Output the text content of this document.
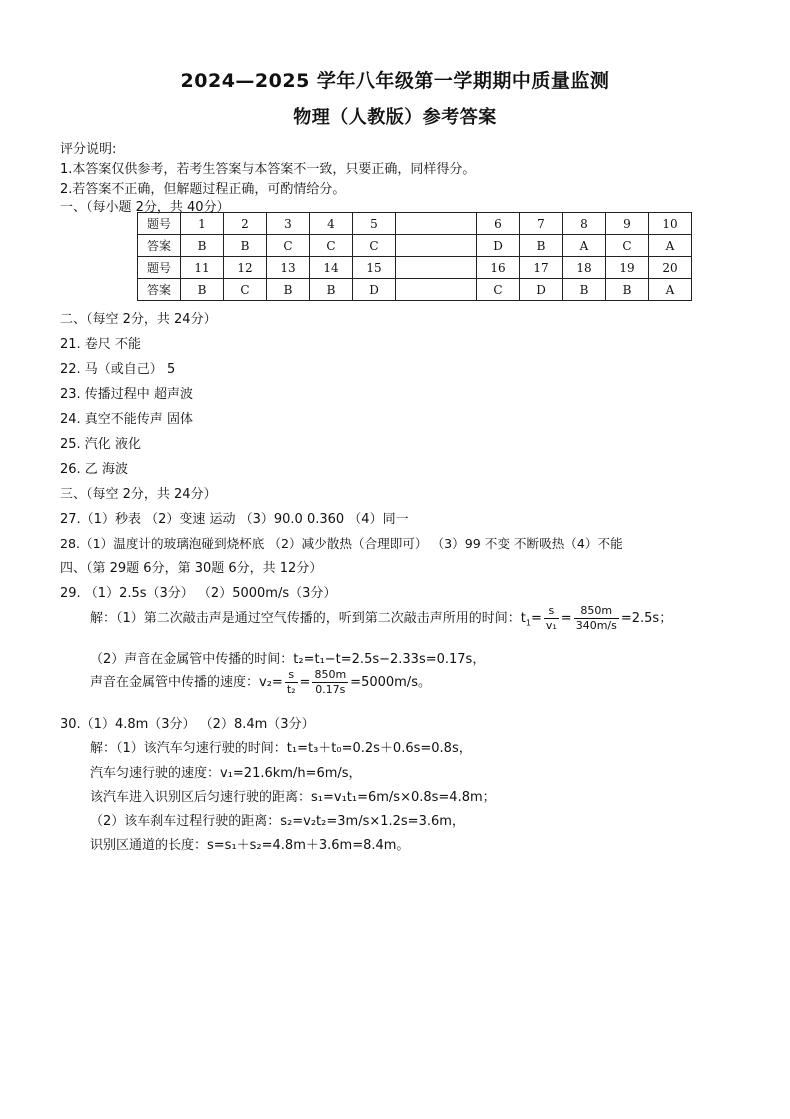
2024—2025 学年八年级第一学期期中质量监测
物理（人教版）参考答案
评分说明:
1.本答案仅供参考，若考生答案与本答案不一致，只要正确，同样得分。
2.若答案不正确，但解题过程正确，可酌情给分。
一、（每小题 2分，共 40分）
题号	1	2	3	4	5		6	7	8	9	10
答案	B	B	C	C	C		D	B	A	C	A
题号	11	12	13	14	15		16	17	18	19	20
答案	B	C	B	B	D		C	D	B	B	A
二、（每空 2分，共 24分）
21. 卷尺 不能
22. 马（或自己） 5
23. 传播过程中 超声波
24. 真空不能传声 固体
25. 汽化 液化
26. 乙 海波
三、（每空 2分，共 24分）
27.（1）秒表 （2）变速 运动 （3）90.0 0.360 （4）同一
28.（1）温度计的玻璃泡碰到烧杯底 （2）减少散热（合理即可） （3）99 不变 不断吸热（4）不能
四、（第 29题 6分，第 30题 6分，共 12分）
29. （1）2.5s（3分） （2）5000m/s（3分）
解：（1）第二次敲击声是通过空气传播的，听到第二次敲击声所用的时间：$t_1= \frac{s}{\text{v₁}} = \frac{850m}{340m/s} =2.5s$；
（2）声音在金属管中传播的时间：t₂=t₁−t=2.5s−2.33s=0.17s，
声音在金属管中传播的速度：$v_2= \frac{s}{\text{t₂}} = \frac{850m}{0.17s} =5000m/s$。
30.（1）4.8m（3分） （2）8.4m（3分）
解：（1）该汽车匀速行驶的时间：t₁=t₃＋t₀=0.2s＋0.6s=0.8s，
汽车匀速行驶的速度：v₁=21.6km/h=6m/s，
该汽车进入识别区后匀速行驶的距离：s₁=v₁t₁=6m/s×0.8s=4.8m；
（2）该车刹车过程行驶的距离：s₂=v₂t₂=3m/s×1.2s=3.6m，
识别区通道的长度：s=s₁＋s₂=4.8m＋3.6m=8.4m。
